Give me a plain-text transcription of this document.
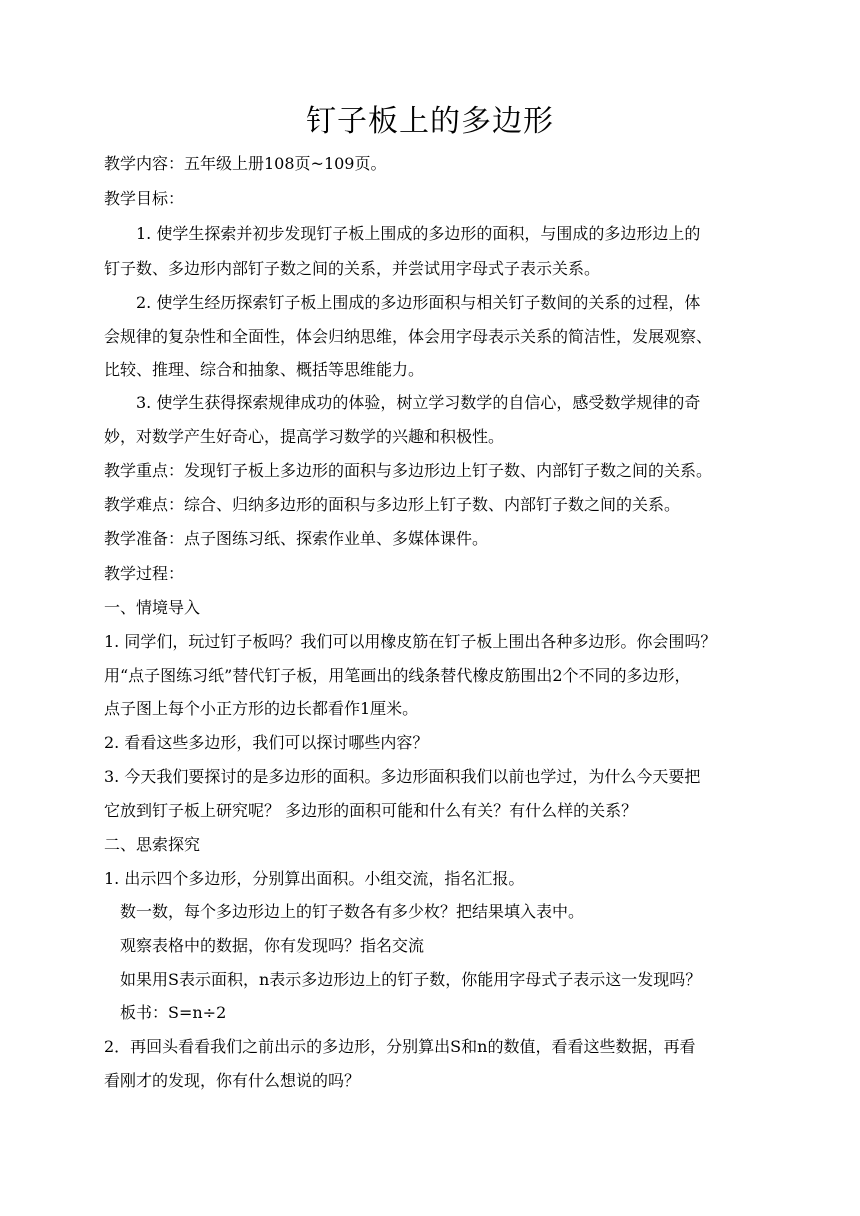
钉子板上的多边形
教学内容：五年级上册108页~109页。
教学目标：
1. 使学生探索并初步发现钉子板上围成的多边形的面积，与围成的多边形边上的
钉子数、多边形内部钉子数之间的关系，并尝试用字母式子表示关系。
2. 使学生经历探索钉子板上围成的多边形面积与相关钉子数间的关系的过程，体
会规律的复杂性和全面性，体会归纳思维，体会用字母表示关系的简洁性，发展观察、
比较、推理、综合和抽象、概括等思维能力。
3. 使学生获得探索规律成功的体验，树立学习数学的自信心，感受数学规律的奇
妙，对数学产生好奇心，提高学习数学的兴趣和积极性。
教学重点：发现钉子板上多边形的面积与多边形边上钉子数、内部钉子数之间的关系。
教学难点：综合、归纳多边形的面积与多边形上钉子数、内部钉子数之间的关系。
教学准备：点子图练习纸、探索作业单、多媒体课件。
教学过程：
一、情境导入
1. 同学们，玩过钉子板吗？我们可以用橡皮筋在钉子板上围出各种多边形。你会围吗？
用“点子图练习纸”替代钉子板，用笔画出的线条替代橡皮筋围出2个不同的多边形，
点子图上每个小正方形的边长都看作1厘米。
2. 看看这些多边形，我们可以探讨哪些内容？
3. 今天我们要探讨的是多边形的面积。多边形面积我们以前也学过，为什么今天要把
它放到钉子板上研究呢？ 多边形的面积可能和什么有关？有什么样的关系？
二、思索探究
1. 出示四个多边形，分别算出面积。小组交流，指名汇报。
数一数，每个多边形边上的钉子数各有多少枚？把结果填入表中。
观察表格中的数据，你有发现吗？指名交流
如果用S表示面积，n表示多边形边上的钉子数，你能用字母式子表示这一发现吗？
板书：S=n÷2
2．再回头看看我们之前出示的多边形，分别算出S和n的数值，看看这些数据，再看
看刚才的发现，你有什么想说的吗？
